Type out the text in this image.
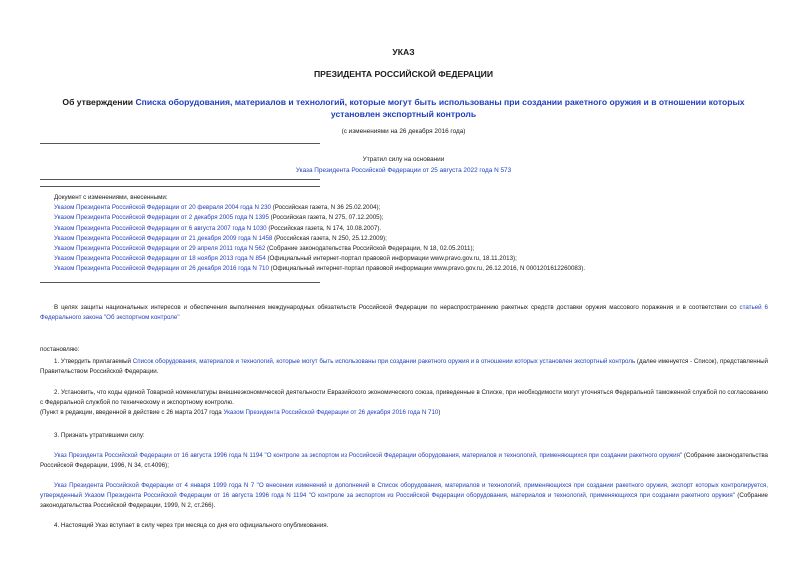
УКАЗ
ПРЕЗИДЕНТА РОССИЙСКОЙ ФЕДЕРАЦИИ
Об утверждении Списка оборудования, материалов и технологий, которые могут быть использованы при создании ракетного оружия и в отношении которых установлен экспортный контроль
(с изменениями на 26 декабря 2016 года)
Утратил силу на основании
Указа Президента Российской Федерации от 25 августа 2022 года N 573
Документ с изменениями, внесенными:
Указом Президента Российской Федерации от 20 февраля 2004 года N 230 (Российская газета, N 36 25.02.2004);
Указом Президента Российской Федерации от 2 декабря 2005 года N 1395 (Российская газета, N 275, 07.12.2005);
Указом Президента Российской Федерации от 6 августа 2007 года N 1030 (Российская газета, N 174, 10.08.2007).
Указом Президента Российской Федерации от 21 декабря 2009 года N 1458 (Российская газета, N 250, 25.12.2009);
Указом Президента Российской Федерации от 29 апреля 2011 года N 562 (Собрание законодательства Российской Федерации, N 18, 02.05.2011);
Указом Президента Российской Федерации от 18 ноября 2013 года N 854 (Официальный интернет-портал правовой информации www.pravo.gov.ru, 18.11.2013);
Указом Президента Российской Федерации от 26 декабря 2016 года N 710 (Официальный интернет-портал правовой информации www.pravo.gov.ru, 26.12.2016, N 0001201612260083).
В целях защиты национальных интересов и обеспечения выполнения международных обязательств Российской Федерации по нераспространению ракетных средств доставки оружия массового поражения и в соответствии со статьей 6 Федерального закона "Об экспортном контроле"
постановляю:
1. Утвердить прилагаемый Список оборудования, материалов и технологий, которые могут быть использованы при создании ракетного оружия и в отношении которых установлен экспортный контроль (далее именуется - Список), представленный Правительством Российской Федерации.
2. Установить, что коды единой Товарной номенклатуры внешнеэкономической деятельности Евразийского экономического союза, приведенные в Списке, при необходимости могут уточняться Федеральной таможенной службой по согласованию с Федеральной службой по техническому и экспортному контролю.
(Пункт в редакции, введенной в действие с 26 марта 2017 года Указом Президента Российской Федерации от 26 декабря 2016 года N 710)
3. Признать утратившими силу:
Указ Президента Российской Федерации от 16 августа 1996 года N 1194 "О контроле за экспортом из Российской Федерации оборудования, материалов и технологий, применяющихся при создании ракетного оружия" (Собрание законодательства Российской Федерации, 1996, N 34, ст.4096);
Указ Президента Российской Федерации от 4 января 1999 года N 7 "О внесении изменений и дополнений в Список оборудования, материалов и технологий, применяющихся при создании ракетного оружия, экспорт которых контролируется, утвержденный Указом Президента Российской Федерации от 16 августа 1996 года N 1194 "О контроле за экспортом из Российской Федерации оборудования, материалов и технологий, применяющихся при создании ракетного оружия" (Собрание законодательства Российской Федерации, 1999, N 2, ст.266).
4. Настоящий Указ вступает в силу через три месяца со дня его официального опубликования.
